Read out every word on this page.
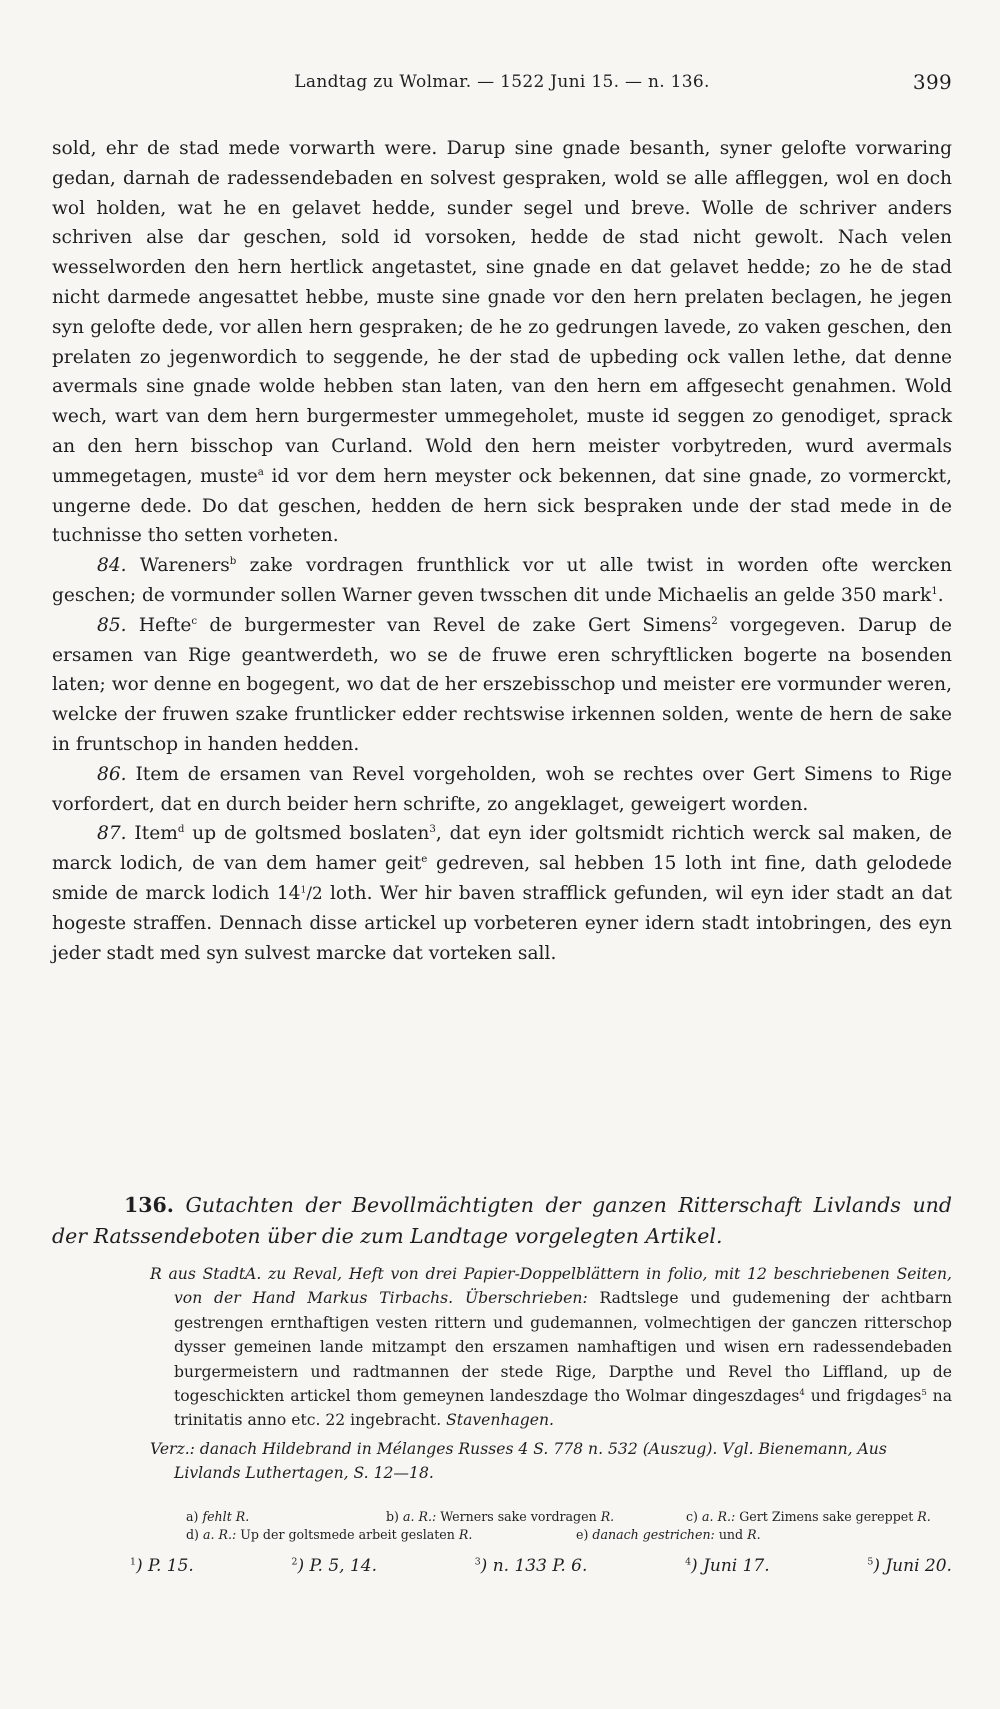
Landtag zu Wolmar. — 1522 Juni 15. — n. 136.	399

sold, ehr de stad mede vorwarth were. Darup sine gnade besanth, syner gelofte vorwaring gedan, darnah de radessendebaden en solvest gespraken, wold se alle affleggen, wol en doch wol holden, wat he en gelavet hedde, sunder segel und breve. Wolle de schriver anders schriven alse dar geschen, sold id vorsoken, hedde de stad nicht gewolt. Nach velen wesselworden den hern hertlick angetastet, sine gnade en dat gelavet hedde; zo he de stad nicht darmede angesattet hebbe, muste sine gnade vor den hern prelaten beclagen, he jegen syn gelofte dede, vor allen hern gespraken; de he zo gedrungen lavede, zo vaken geschen, den prelaten zo jegenwordich to seggende, he der stad de upbeding ock vallen lethe, dat denne avermals sine gnade wolde hebben stan laten, van den hern em affgesecht genahmen. Wold wech, wart van dem hern burgermester ummegeholet, muste id seggen zo genodiget, sprack an den hern bisschop van Curland. Wold den hern meister vorbytreden, wurd avermals ummegetagen, muste$^a$ id vor dem hern meyster ock bekennen, dat sine gnade, zo vormerckt, ungerne dede. Do dat geschen, hedden de hern sick bespraken unde der stad mede in de tuchnisse tho setten vorheten.

84. Wareners$^b$ zake vordragen frunthlick vor ut alle twist in worden ofte wercken geschen; de vormunder sollen Warner geven twsschen dit unde Michaelis an gelde 350 mark$^1$.

85. Hefte$^c$ de burgermester van Revel de zake Gert Simens$^2$ vorgegeven. Darup de ersamen van Rige geantwerdeth, wo se de fruwe eren schryftlicken bogerte na bosenden laten; wor denne en bogegent, wo dat de her erszebisschop und meister ere vormunder weren, welcke der fruwen szake fruntlicker edder rechtswise irkennen solden, wente de hern de sake in fruntschop in handen hedden.

86. Item de ersamen van Revel vorgeholden, woh se rechtes over Gert Simens to Rige vorfordert, dat en durch beider hern schrifte, zo angeklaget, geweigert worden.

87. Item$^d$ up de goltsmed boslaten$^3$, dat eyn ider goltsmidt richtich werck sal maken, de marck lodich, de van dem hamer geit$^e$ gedreven, sal hebben 15 loth int fine, dath gelodede smide de marck lodich $14^1/2$ loth. Wer hir baven strafflick gefunden, wil eyn ider stadt an dat hogeste straffen. Dennach disse artickel up vorbeteren eyner idern stadt intobringen, des eyn jeder stadt med syn sulvest marcke dat vorteken sall.

136. Gutachten der Bevollmächtigten der ganzen Ritterschaft Livlands und der Ratssendeboten über die zum Landtage vorgelegten Artikel.

R aus StadtA. zu Reval, Heft von drei Papier-Doppelblättern in folio, mit 12 beschriebenen Seiten, von der Hand Markus Tirbachs. Überschrieben: Radtslege und gudemening der achtbarn gestrengen ernthaftigen vesten rittern und gudemannen, volmechtigen der ganczen ritterschop dysser gemeinen lande mitzampt den erszamen namhaftigen und wisen ern radessendebaden burgermeistern und radtmannen der stede Rige, Darpthe und Revel tho Liffland, up de togeschickten artickel thom gemeynen landeszdage tho Wolmar dingeszdages$^4$ und frigdages$^5$ na trinitatis anno etc. 22 ingebracht. Stavenhagen.

Verz.: danach Hildebrand in Mélanges Russes 4 S. 778 n. 532 (Auszug). Vgl. Bienemann, Aus Livlands Luthertagen, S. 12—18.

a) fehlt R.	b) a. R.: Werners sake vordragen R.	c) a. R.: Gert Zimens sake gereppet R.
d) a. R.: Up der goltsmede arbeit geslaten R.	e) danach gestrichen: und R.
$^1$) P. 15.	$^2$) P. 5, 14.	$^3$) n. 133 P. 6.	$^4$) Juni 17.	$^5$) Juni 20.
